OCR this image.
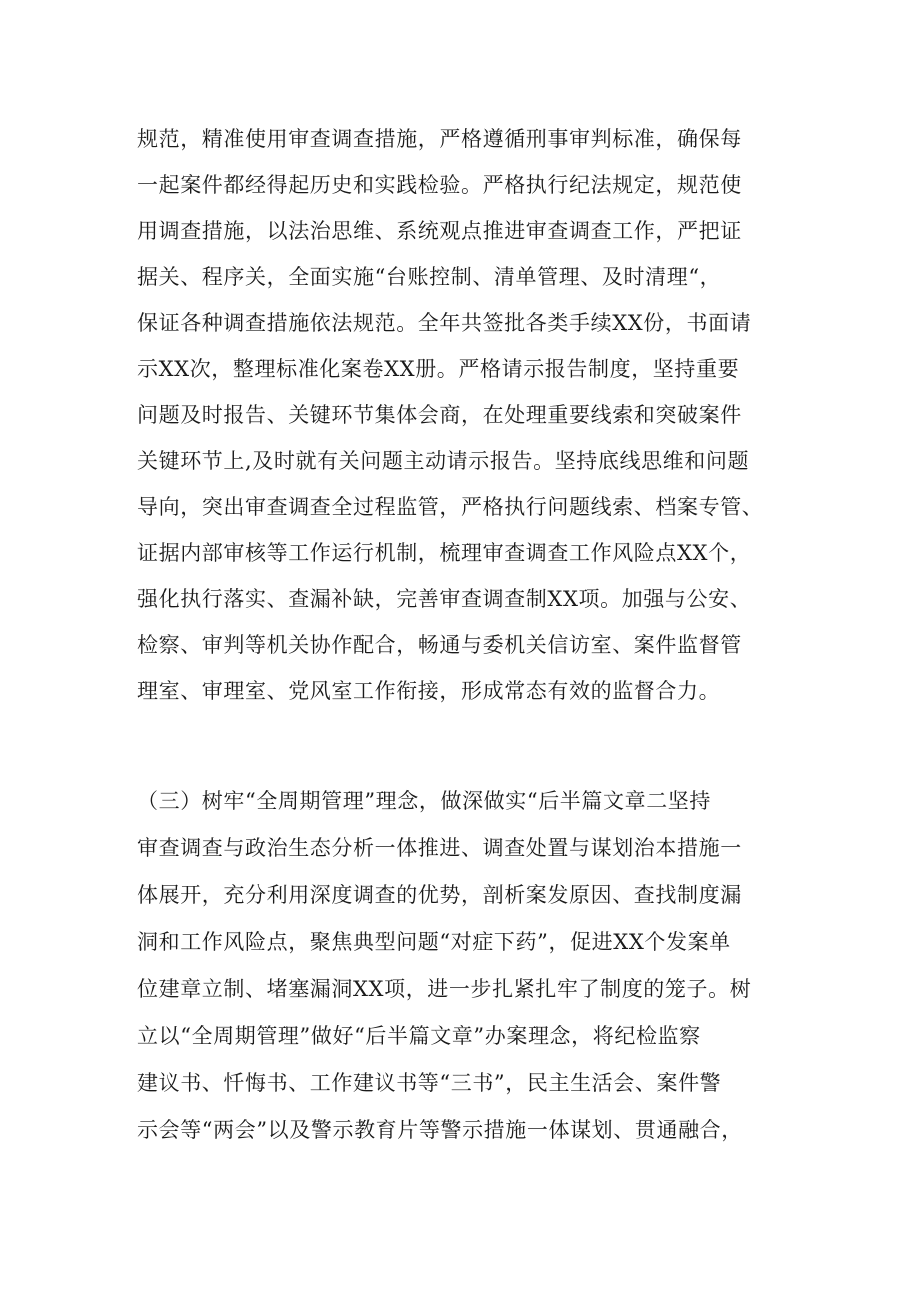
规范，精准使用审查调查措施，严格遵循刑事审判标准，确保每
一起案件都经得起历史和实践检验。严格执行纪法规定，规范使
用调查措施，以法治思维、系统观点推进审查调查工作，严把证
据关、程序关，全面实施“台账控制、清单管理、及时清理“，
保证各种调查措施依法规范。全年共签批各类手续XX份，书面请
示XX次，整理标准化案卷XX册。严格请示报告制度，坚持重要
问题及时报告、关键环节集体会商，在处理重要线索和突破案件
关键环节上,及时就有关问题主动请示报告。坚持底线思维和问题
导向，突出审查调查全过程监管，严格执行问题线索、档案专管、
证据内部审核等工作运行机制，梳理审查调查工作风险点XX个，
强化执行落实、查漏补缺，完善审查调查制XX项。加强与公安、
检察、审判等机关协作配合，畅通与委机关信访室、案件监督管
理室、审理室、党风室工作衔接，形成常态有效的监督合力。
（三）树牢“全周期管理”理念，做深做实“后半篇文章二坚持
审查调查与政治生态分析一体推进、调查处置与谋划治本措施一
体展开，充分利用深度调查的优势，剖析案发原因、查找制度漏
洞和工作风险点，聚焦典型问题“对症下药”，促进XX个发案单
位建章立制、堵塞漏洞XX项，进一步扎紧扎牢了制度的笼子。树
立以“全周期管理”做好“后半篇文章”办案理念，将纪检监察
建议书、忏悔书、工作建议书等“三书”，民主生活会、案件警
示会等“两会”以及警示教育片等警示措施一体谋划、贯通融合，
